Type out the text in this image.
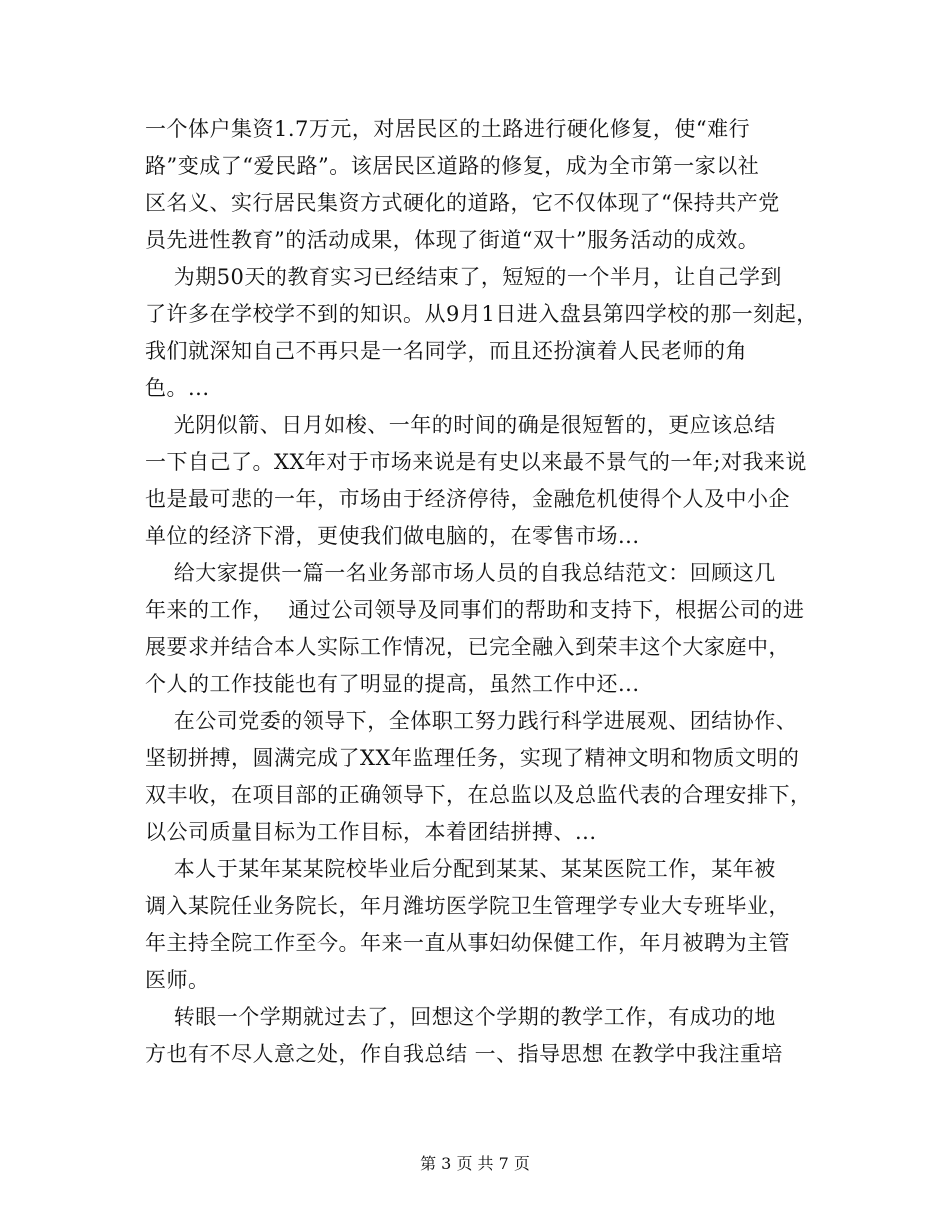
一个体户集资1.7万元，对居民区的土路进行硬化修复，使“难行
路”变成了“爱民路”。该居民区道路的修复，成为全市第一家以社
区名义、实行居民集资方式硬化的道路，它不仅体现了“保持共产党
员先进性教育”的活动成果，体现了街道“双十”服务活动的成效。
为期50天的教育实习已经结束了，短短的一个半月，让自己学到
了许多在学校学不到的知识。从9月1日进入盘县第四学校的那一刻起，
我们就深知自己不再只是一名同学，而且还扮演着人民老师的角
色。...
光阴似箭、日月如梭、一年的时间的确是很短暂的，更应该总结
一下自己了。XX年对于市场来说是有史以来最不景气的一年;对我来说
也是最可悲的一年，市场由于经济停待，金融危机使得个人及中小企
单位的经济下滑，更使我们做电脑的，在零售市场...
给大家提供一篇一名业务部市场人员的自我总结范文：回顾这几
年来的工作，  通过公司领导及同事们的帮助和支持下，根据公司的进
展要求并结合本人实际工作情况，已完全融入到荣丰这个大家庭中，
个人的工作技能也有了明显的提高，虽然工作中还...
在公司党委的领导下，全体职工努力践行科学进展观、团结协作、
坚韧拼搏，圆满完成了XX年监理任务，实现了精神文明和物质文明的
双丰收，在项目部的正确领导下，在总监以及总监代表的合理安排下，
以公司质量目标为工作目标，本着团结拼搏、...
本人于某年某某院校毕业后分配到某某、某某医院工作，某年被
调入某院任业务院长，年月潍坊医学院卫生管理学专业大专班毕业，
年主持全院工作至今。年来一直从事妇幼保健工作，年月被聘为主管
医师。
转眼一个学期就过去了，回想这个学期的教学工作，有成功的地
方也有不尽人意之处，作自我总结 一、指导思想 在教学中我注重培
第 3 页 共 7 页
